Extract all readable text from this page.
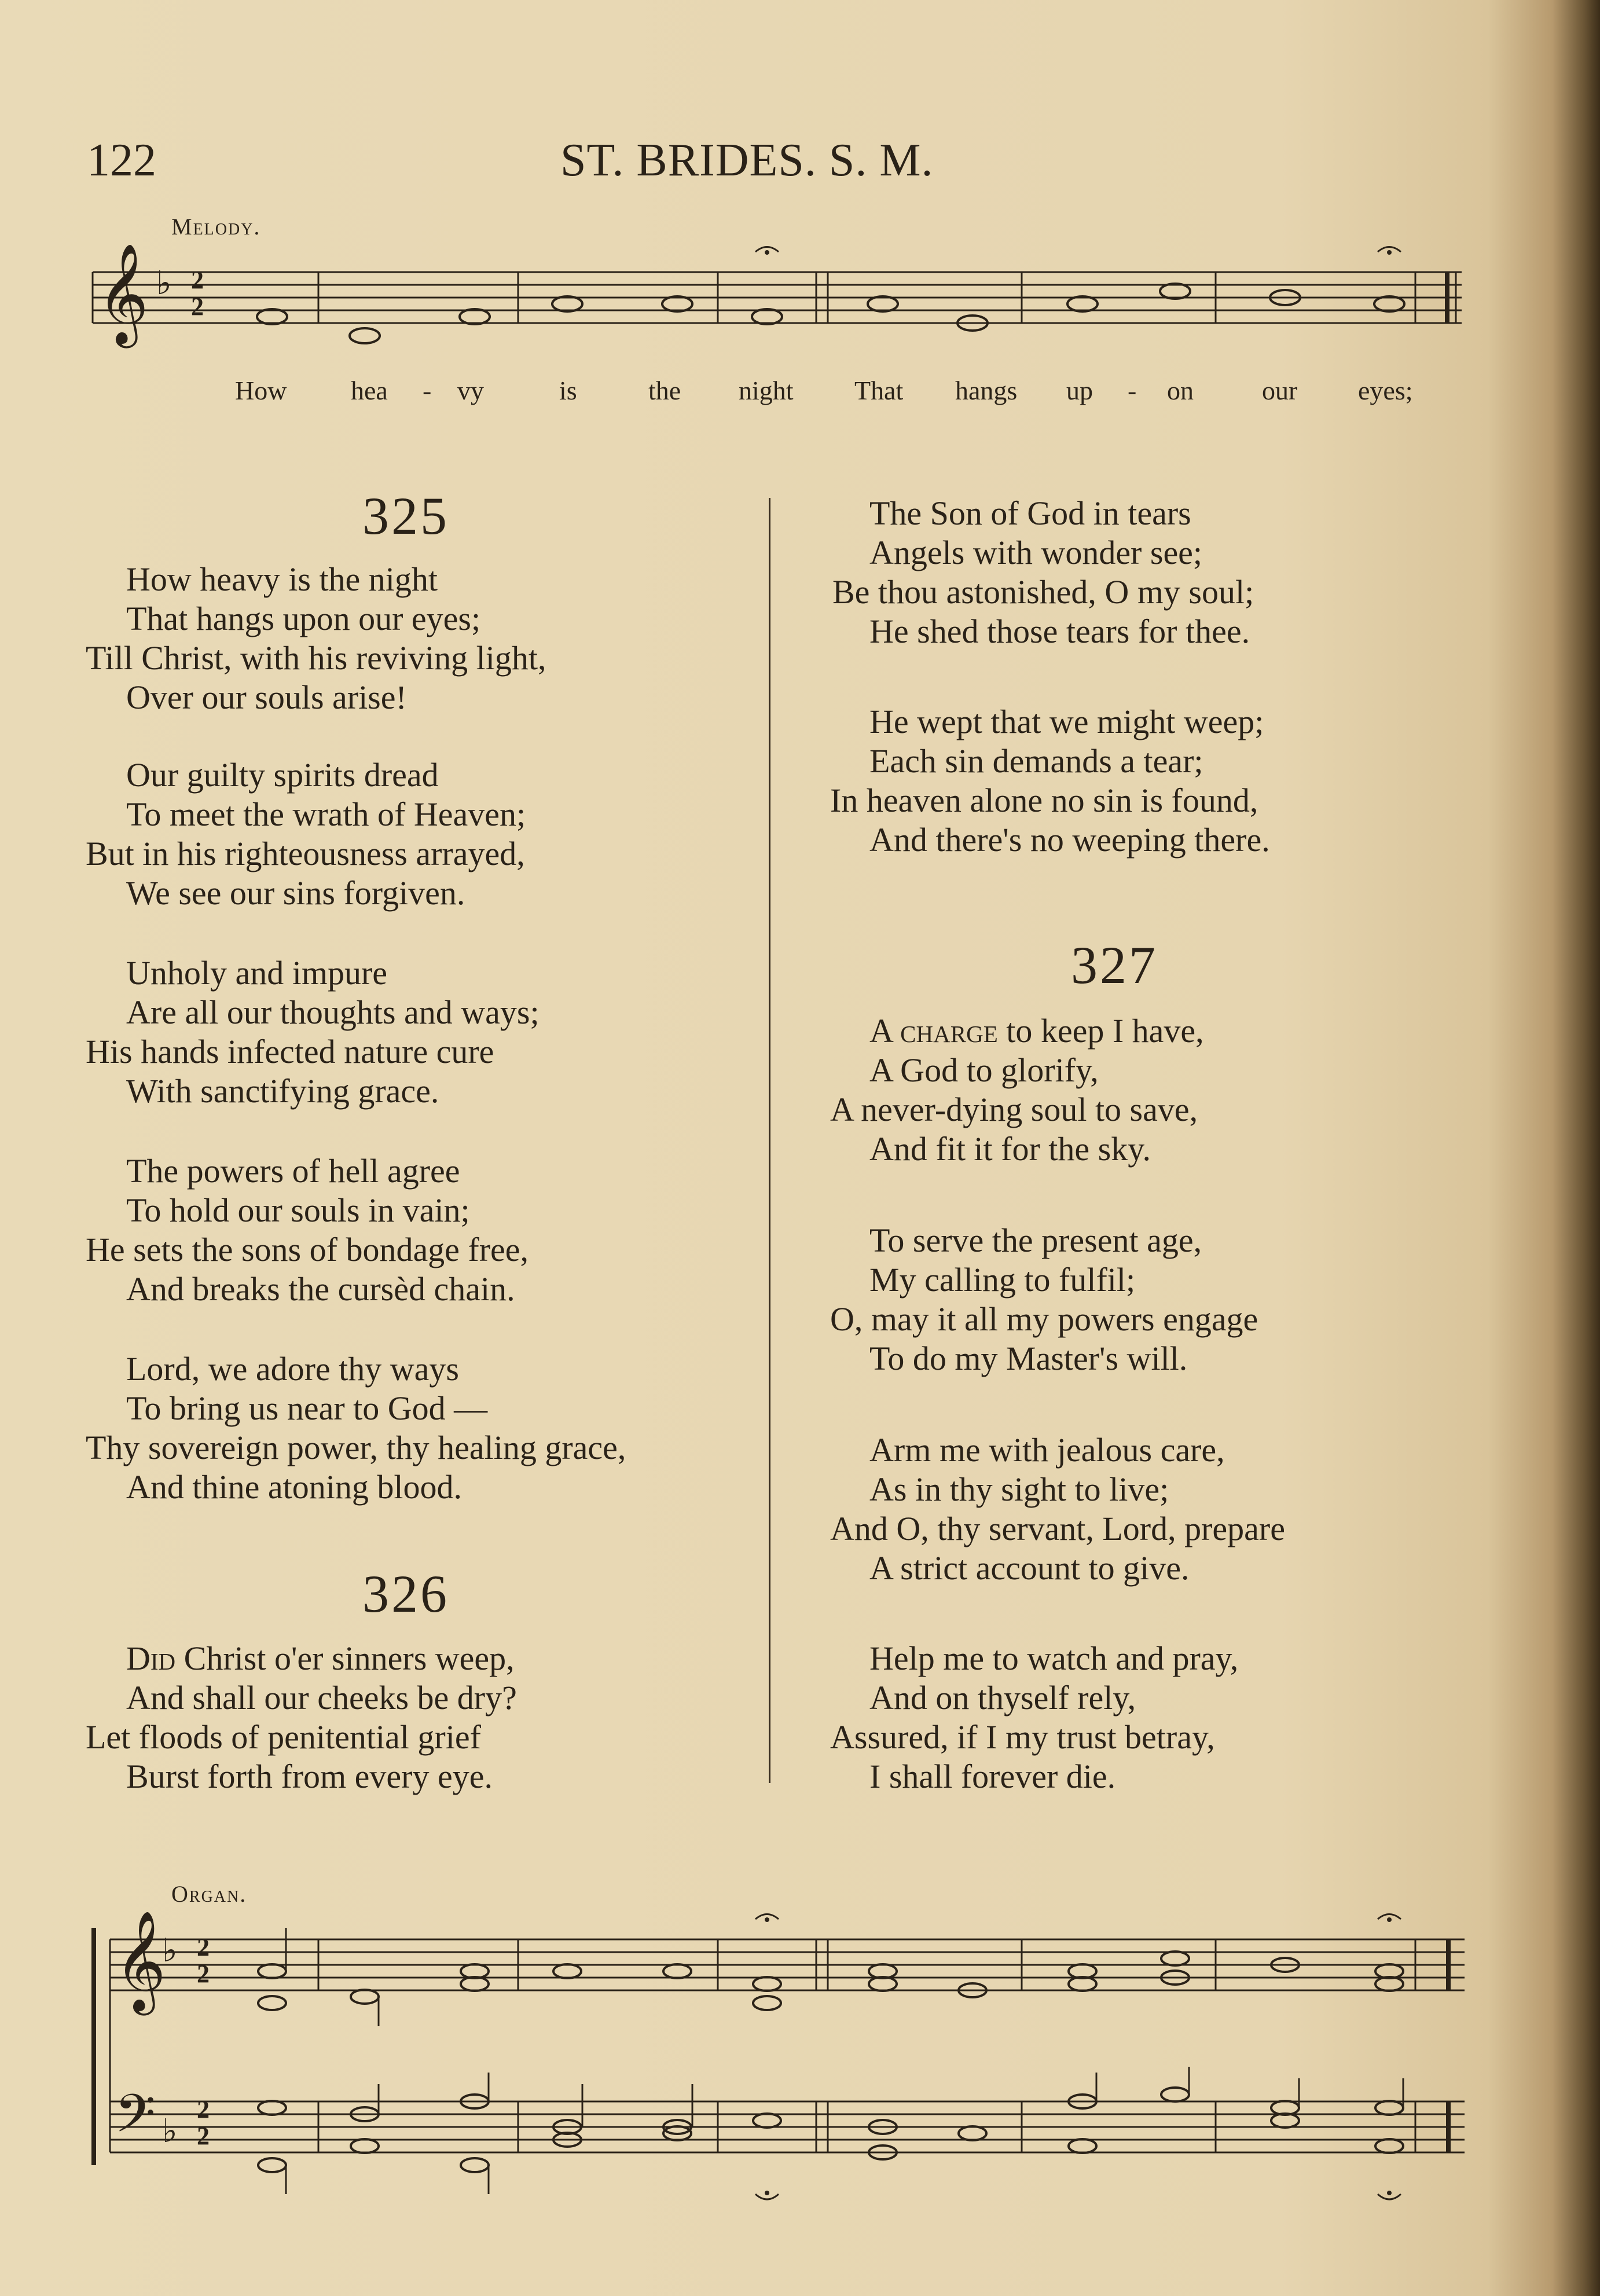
122	ST. BRIDES. S. M.
Melody.
𝄞 ♭ 2
2
How hea - vy	is	the night That hangs up - on	our eyes;
325
How heavy is the night
That hangs upon our eyes;
Till Christ, with his reviving light,
Over our souls arise!
Our guilty spirits dread
To meet the wrath of Heaven;
But in his righteousness arrayed,
We see our sins forgiven.
Unholy and impure
Are all our thoughts and ways;
His hands infected nature cure
With sanctifying grace.
The powers of hell agree
To hold our souls in vain;
He sets the sons of bondage free,
And breaks the cursèd chain.
Lord, we adore thy ways
To bring us near to God —
Thy sovereign power, thy healing grace,
And thine atoning blood.
326
Did Christ o'er sinners weep,
And shall our cheeks be dry?
Let floods of penitential grief
Burst forth from every eye.
The Son of God in tears
Angels with wonder see;
Be thou astonished, O my soul;
He shed those tears for thee.
He wept that we might weep;
Each sin demands a tear;
In heaven alone no sin is found,
And there's no weeping there.
327
A charge to keep I have,
A God to glorify,
A never-dying soul to save,
And fit it for the sky.
To serve the present age,
My calling to fulfil;
O, may it all my powers engage
To do my Master's will.
Arm me with jealous care,
As in thy sight to live;
And O, thy servant, Lord, prepare
A strict account to give.
Help me to watch and pray,
And on thyself rely,
Assured, if I my trust betray,
I shall forever die.
Organ.
𝄞
𝄢
♭
♭
2
2
2
2
